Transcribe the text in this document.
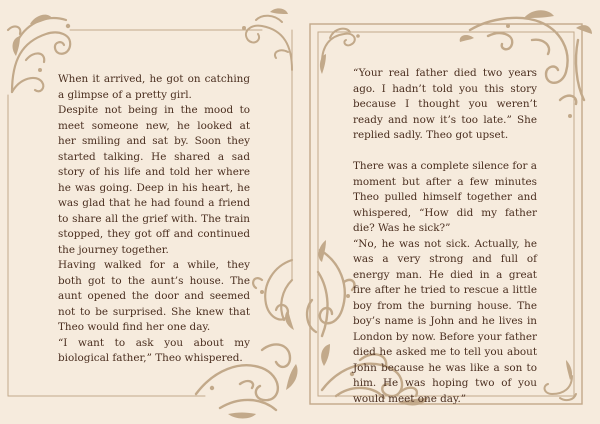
When it arrived, he got on catching a glimpse of a pretty girl.

Despite not being in the mood to meet someone new, he looked at her smiling and sat by. Soon they started talking. He shared a sad story of his life and told her where he was going. Deep in his heart, he was glad that he had found a friend to share all the grief with. The train stopped, they got off and continued the journey together.

Having walked for a while, they both got to the aunt’s house. The aunt opened the door and seemed not to be surprised. She knew that Theo would find her one day.

“I want to ask you about my biological father,” Theo whispered.

“Your real father died two years ago. I hadn’t told you this story because I thought you weren’t ready and now it’s too late.” She replied sadly. Theo got upset.

There was a complete silence for a moment but after a few minutes Theo pulled himself together and whispered, “How did my father die? Was he sick?”

“No, he was not sick. Actually, he was a very strong and full of energy man. He died in a great fire after he tried to rescue a little boy from the burning house. The boy’s name is John and he lives in London by now. Before your father died he asked me to tell you about John because he was like a son to him. He was hoping two of you would meet one day.”
